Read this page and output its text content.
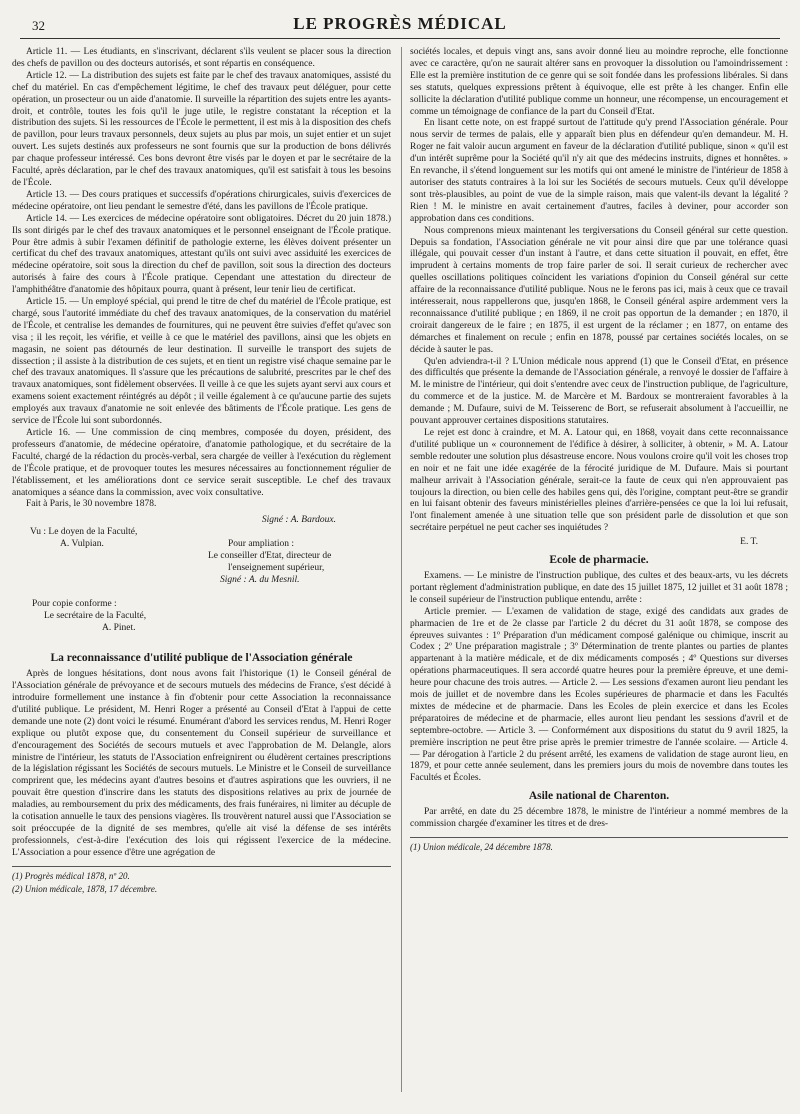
32	LE PROGRÈS MÉDICAL

Article 11. — Les étudiants, en s'inscrivant, déclarent s'ils veulent se placer sous la direction des chefs de pavillon ou des docteurs autorisés, et sont répartis en conséquence.

Article 12. — La distribution des sujets est faite par le chef des travaux anatomiques, assisté du chef du matériel. En cas d'empêchement légitime, le chef des travaux peut déléguer, pour cette opération, un prosecteur ou un aide d'anatomie. Il surveille la répartition des sujets entre les ayants-droit, et contrôle, toutes les fois qu'il le juge utile, le registre constatant la réception et la distribution des sujets. Si les ressources de l'École le permettent, il est mis à la disposition des chefs de pavillon, pour leurs travaux personnels, deux sujets au plus par mois, un sujet entier et un sujet ouvert. Les sujets destinés aux professeurs ne sont fournis que sur la production de bons délivrés par chaque professeur intéressé. Ces bons devront être visés par le doyen et par le secrétaire de la Faculté, après déclaration, par le chef des travaux anatomiques, qu'il est satisfait à tous les besoins de l'École.

Article 13. — Des cours pratiques et successifs d'opérations chirurgicales, suivis d'exercices de médecine opératoire, ont lieu pendant le semestre d'été, dans les pavillons de l'École pratique.

Article 14. — Les exercices de médecine opératoire sont obligatoires. Décret du 20 juin 1878.) Ils sont dirigés par le chef des travaux anatomiques et le personnel enseignant de l'École pratique. Pour être admis à subir l'examen définitif de pathologie externe, les élèves doivent présenter un certificat du chef des travaux anatomiques, attestant qu'ils ont suivi avec assiduité les exercices de médecine opératoire, soit sous la direction du chef de pavillon, soit sous la direction des docteurs autorisés à faire des cours à l'École pratique. Cependant une attestation du directeur de l'amphithéâtre d'anatomie des hôpitaux pourra, quant à présent, leur tenir lieu de certificat.

Article 15. — Un employé spécial, qui prend le titre de chef du matériel de l'École pratique, est chargé, sous l'autorité immédiate du chef des travaux anatomiques, de la conservation du matériel de l'École, et centralise les demandes de fournitures, qui ne peuvent être suivies d'effet qu'avec son visa ; il les reçoit, les vérifie, et veille à ce que le matériel des pavillons, ainsi que les objets en magasin, ne soient pas détournés de leur destination. Il surveille le transport des sujets de dissection ; il assiste à la distribution de ces sujets, et en tient un registre visé chaque semaine par le chef des travaux anatomiques. Il s'assure que les précautions de salubrité, prescrites par le chef des travaux anatomiques, sont fidèlement observées. Il veille à ce que les sujets ayant servi aux cours et examens soient exactement réintégrés au dépôt ; il veille également à ce qu'aucune partie des sujets employés aux travaux d'anatomie ne soit enlevée des bâtiments de l'École pratique. Les gens de service de l'École lui sont subordonnés.

Article 16. — Une commission de cinq membres, composée du doyen, président, des professeurs d'anatomie, de médecine opératoire, d'anatomie pathologique, et du secrétaire de la Faculté, chargé de la rédaction du procès-verbal, sera chargée de veiller à l'exécution du règlement de l'École pratique, et de provoquer toutes les mesures nécessaires au fonctionnement régulier de l'établissement, et les améliorations dont ce service serait susceptible. Le chef des travaux anatomiques a séance dans la commission, avec voix consultative.

Fait à Paris, le 30 novembre 1878.

Signé : A. Bardoux.
Vu : Le doyen de la Faculté,
A. Vulpian.	Pour ampliation :
Le conseiller d'Etat, directeur de
l'enseignement supérieur,
Signé : A. du Mesnil.
Pour copie conforme :
Le secrétaire de la Faculté,
A. Pinet.
La reconnaissance d'utilité publique de l'Association générale

Après de longues hésitations, dont nous avons fait l'historique (1) le Conseil général de l'Association générale de prévoyance et de secours mutuels des médecins de France, s'est décidé à introduire formellement une instance à fin d'obtenir pour cette Association la reconnaissance d'utilité publique. Le président, M. Henri Roger a présenté au Conseil d'Etat à l'appui de cette demande une note (2) dont voici le résumé. Enumérant d'abord les services rendus, M. Henri Roger explique ou plutôt expose que, du consentement du Conseil supérieur de surveillance et d'encouragement des Sociétés de secours mutuels et avec l'approbation de M. Delangle, alors ministre de l'intérieur, les statuts de l'Association enfreignirent ou éludèrent certaines prescriptions de la législation régissant les Sociétés de secours mutuels. Le Ministre et le Conseil de surveillance comprirent que, les médecins ayant d'autres besoins et d'autres aspirations que les ouvriers, il ne pouvait être question d'inscrire dans les statuts des dispositions relatives au prix de journée de maladies, au remboursement du prix des médicaments, des frais funéraires, ni limiter au décuple de la cotisation annuelle le taux des pensions viagères. Ils trouvèrent naturel aussi que l'Association se soit préoccupée de la dignité de ses membres, qu'elle ait visé la défense de ses intérêts professionnels, c'est-à-dire l'exécution des lois qui régissent l'exercice de la médecine. L'Association a pour essence d'être une agrégation de

(1) Progrès médical 1878, nº 20.
(2) Union médicale, 1878, 17 décembre.

sociétés locales, et depuis vingt ans, sans avoir donné lieu au moindre reproche, elle fonctionne avec ce caractère, qu'on ne saurait altérer sans en provoquer la dissolution ou l'amoindrissement : Elle est la première institution de ce genre qui se soit fondée dans les professions libérales. Si dans ses statuts, quelques expressions prêtent à équivoque, elle est prête à les changer. Enfin elle sollicite la déclaration d'utilité publique comme un honneur, une récompense, un encouragement et comme un témoignage de confiance de la part du Conseil d'Etat.

En lisant cette note, on est frappé surtout de l'attitude qu'y prend l'Association générale. Pour nous servir de termes de palais, elle y apparaît bien plus en défendeur qu'en demandeur. M. H. Roger ne fait valoir aucun argument en faveur de la déclaration d'utilité publique, sinon « qu'il est d'un intérêt suprême pour la Société qu'il n'y ait que des médecins instruits, dignes et honnêtes. » En revanche, il s'étend longuement sur les motifs qui ont amené le ministre de l'intérieur de 1858 à autoriser des statuts contraires à la loi sur les Sociétés de secours mutuels. Ceux qu'il développe sont très-plausibles, au point de vue de la simple raison, mais que valent-ils devant la légalité ? Rien ! M. le ministre en avait certainement d'autres, faciles à deviner, pour accorder son approbation dans ces conditions.

Nous comprenons mieux maintenant les tergiversations du Conseil général sur cette question. Depuis sa fondation, l'Association générale ne vit pour ainsi dire que par une tolérance quasi illégale, qui pouvait cesser d'un instant à l'autre, et dans cette situation il pouvait, en effet, être imprudent à certains moments de trop faire parler de soi. Il serait curieux de rechercher avec quelles oscillations politiques coïncident les variations d'opinion du Conseil général sur cette affaire de la reconnaissance d'utilité publique. Nous ne le ferons pas ici, mais à ceux que ce travail intéresserait, nous rappellerons que, jusqu'en 1868, le Conseil général aspire ardemment vers la reconnaissance d'utilité publique ; en 1869, il ne croit pas opportun de la demander ; en 1870, il croirait dangereux de le faire ; en 1875, il est urgent de la réclamer ; en 1877, on entame des démarches et finalement on recule ; enfin en 1878, poussé par certaines sociétés locales, on se décide à sauter le pas.

Qu'en adviendra-t-il ? L'Union médicale nous apprend (1) que le Conseil d'Etat, en présence des difficultés que présente la demande de l'Association générale, a renvoyé le dossier de l'affaire à M. le ministre de l'intérieur, qui doit s'entendre avec ceux de l'instruction publique, de l'agriculture, du commerce et de la justice. M. de Marcère et M. Bardoux se montreraient favorables à la demande ; M. Dufaure, suivi de M. Teisserenc de Bort, se refuserait absolument à l'accueillir, ne pouvant approuver certaines dispositions statutaires.

Le rejet est donc à craindre, et M. A. Latour qui, en 1868, voyait dans cette reconnaissance d'utilité publique un « couronnement de l'édifice à désirer, à solliciter, à obtenir, » M. A. Latour semble redouter une solution plus désastreuse encore. Nous voulons croire qu'il voit les choses trop en noir et ne fait une idée exagérée de la férocité juridique de M. Dufaure. Mais si pourtant malheur arrivait à l'Association générale, serait-ce la faute de ceux qui n'en approuvaient pas toujours la direction, ou bien celle des habiles gens qui, dès l'origine, comptant peut-être se grandir en lui faisant obtenir des faveurs ministérielles pleines d'arrière-pensées ce que la loi lui refusait, l'ont finalement amenée à une situation telle que son président parle de dissolution et que son secrétaire perpétuel ne peut cacher ses inquiétudes ?

E. T.
Ecole de pharmacie.

Examens. — Le ministre de l'instruction publique, des cultes et des beaux-arts, vu les décrets portant règlement d'administration publique, en date des 15 juillet 1875, 12 juillet et 31 août 1878 ; le conseil supérieur de l'instruction publique entendu, arrête :

Article premier. — L'examen de validation de stage, exigé des candidats aux grades de pharmacien de 1re et de 2e classe par l'article 2 du décret du 31 août 1878, se compose des épreuves suivantes : 1º Préparation d'un médicament composé galénique ou chimique, inscrit au Codex ; 2º Une préparation magistrale ; 3º Détermination de trente plantes ou parties de plantes appartenant à la matière médicale, et de dix médicaments composés ; 4º Questions sur diverses opérations pharmaceutiques. Il sera accordé quatre heures pour la première épreuve, et une demi-heure pour chacune des trois autres. — Article 2. — Les sessions d'examen auront lieu pendant les mois de juillet et de novembre dans les Ecoles supérieures de pharmacie et dans les Facultés mixtes de médecine et de pharmacie. Dans les Ecoles de plein exercice et dans les Ecoles préparatoires de médecine et de pharmacie, elles auront lieu pendant les sessions d'avril et de septembre-octobre. — Article 3. — Conformément aux dispositions du statut du 9 avril 1825, la première inscription ne peut être prise après le premier trimestre de l'année scolaire. — Article 4. — Par dérogation à l'article 2 du présent arrêté, les examens de validation de stage auront lieu, en 1879, et pour cette année seulement, dans les premiers jours du mois de novembre dans toutes les Facultés et Écoles.

Asile national de Charenton.

Par arrêté, en date du 25 décembre 1878, le ministre de l'intérieur a nommé membres de la commission chargée d'examiner les titres et de dres-

(1) Union médicale, 24 décembre 1878.
